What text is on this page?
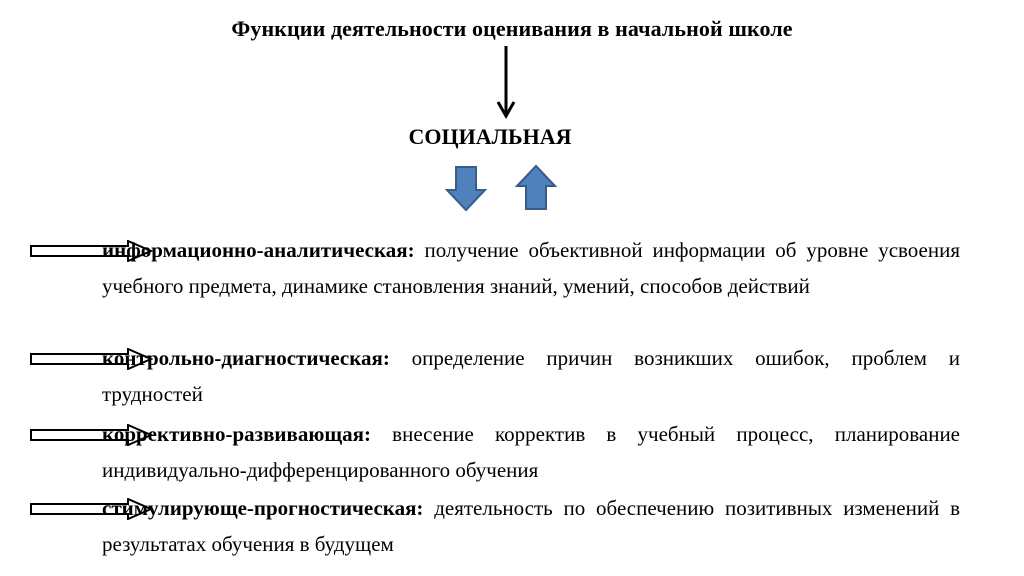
Функции деятельности оценивания в начальной школе
СОЦИАЛЬНАЯ
информационно-аналитическая: получение объективной информации об уровне усвоения учебного предмета, динамике становления знаний, умений, способов действий
контрольно-диагностическая: определение причин возникших ошибок, проблем и трудностей
коррективно-развивающая: внесение корректив в учебный процесс, планирование индивидуально-дифференцированного обучения
стимулирующе-прогностическая: деятельность по обеспечению позитивных изменений в результатах обучения в будущем
